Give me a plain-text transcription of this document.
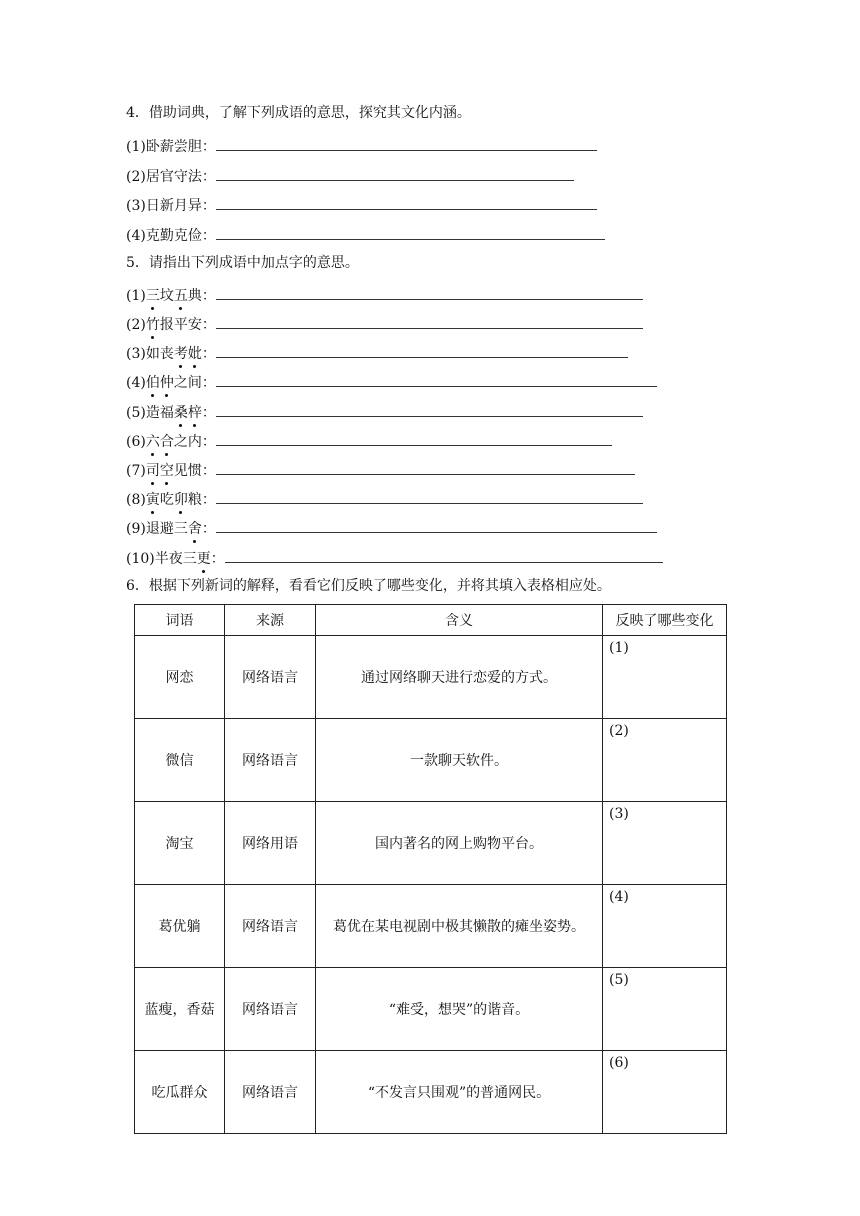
4．借助词典，了解下列成语的意思，探究其文化内涵。
(1)卧薪尝胆：
(2)居官守法：
(3)日新月异：
(4)克勤克俭：
5．请指出下列成语中加点字的意思。
(1)三坟五典：
(2)竹报平安：
(3)如丧考妣：
(4)伯仲之间：
(5)造福桑梓：
(6)六合之内：
(7)司空见惯：
(8)寅吃卯粮：
(9)退避三舍：
(10)半夜三更：
6．根据下列新词的解释，看看它们反映了哪些变化，并将其填入表格相应处。
词语	来源	含义	反映了哪些变化
网恋	网络语言	通过网络聊天进行恋爱的方式。	(1)
微信	网络语言	一款聊天软件。	(2)
淘宝	网络用语	国内著名的网上购物平台。	(3)
葛优躺	网络语言	葛优在某电视剧中极其懒散的瘫坐姿势。	(4)
蓝瘦，香菇	网络语言	“难受，想哭”的谐音。	(5)
吃瓜群众	网络语言	“不发言只围观”的普通网民。	(6)
